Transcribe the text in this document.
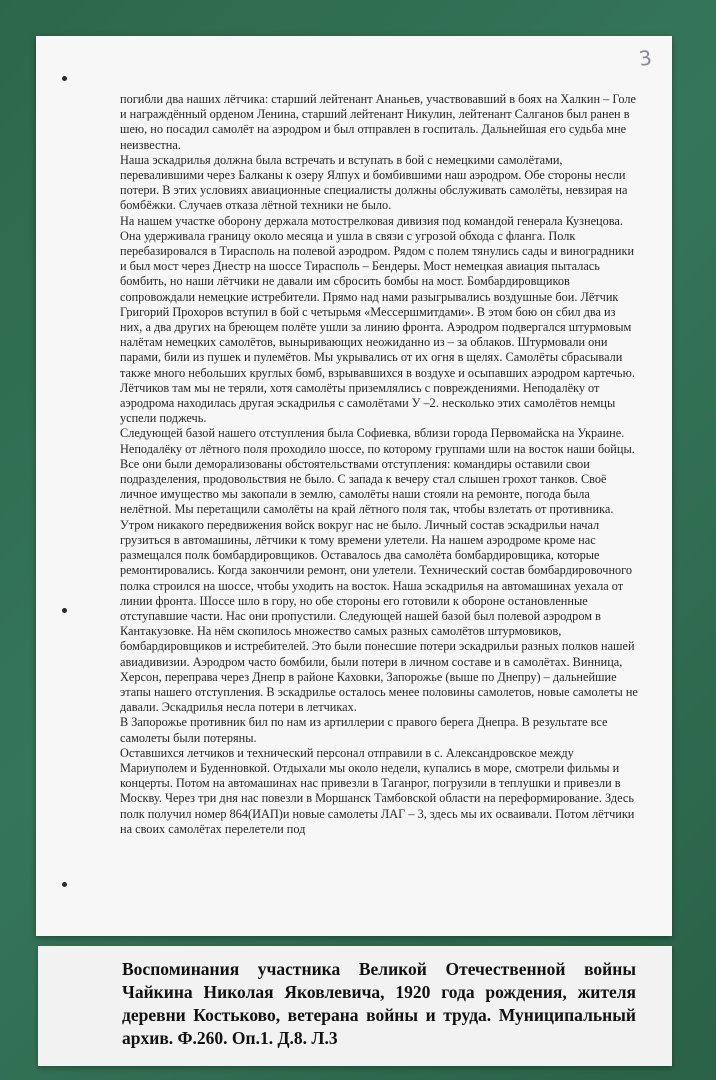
3

погибли два наших лётчика: старший лейтенант Ананьев, участвовавший в боях на Халкин – Голе и награждённый орденом Ленина, старший лейтенант Никулин, лейтенант Салганов был ранен в шею, но посадил самолёт на аэродром и был отправлен в госпиталь. Дальнейшая его судьба мне неизвестна.

Наша эскадрилья должна была встречать и вступать в бой с немецкими самолётами, перевалившими через Балканы к озеру Ялпух и бомбившими наш аэродром. Обе стороны несли потери. В этих условиях авиационные специалисты должны обслуживать самолёты, невзирая на бомбёжки. Случаев отказа лётной техники не было.

На нашем участке оборону держала мотострелковая дивизия под командой генерала Кузнецова. Она удерживала границу около месяца и ушла в связи с угрозой обхода с фланга. Полк перебазировался в Тирасполь на полевой аэродром. Рядом с полем тянулись сады и виноградники и был мост через Днестр на шоссе Тирасполь – Бендеры. Мост немецкая авиация пыталась бомбить, но наши лётчики не давали им сбросить бомбы на мост. Бомбардировщиков сопровождали немецкие истребители. Прямо над нами разыгрывались воздушные бои. Лётчик Григорий Прохоров вступил в бой с четырьмя «Мессершмитдами». В этом бою он сбил два из них, а два других на бреющем полёте ушли за линию фронта. Аэродром подвергался штурмовым налётам немецких самолётов, выныривающих неожиданно из – за облаков. Штурмовали они парами, били из пушек и пулемётов. Мы укрывались от их огня в щелях. Самолёты сбрасывали также много небольших круглых бомб, взрывавшихся в воздухе и осыпавших аэродром картечью. Лётчиков там мы не теряли, хотя самолёты приземлялись с повреждениями. Неподалёку от аэродрома находилась другая эскадрилья с самолётами У –2. несколько этих самолётов немцы успели поджечь.

Следующей базой нашего отступления была Софиевка, вблизи города Первомайска на Украине. Неподалёку от лётного поля проходило шоссе, по которому группами шли на восток наши бойцы. Все они были деморализованы обстоятельствами отступления: командиры оставили свои подразделения, продовольствия не было. С запада к вечеру стал слышен грохот танков. Своё личное имущество мы закопали в землю, самолёты наши стояли на ремонте, погода была нелётной. Мы перетащили самолёты на край лётного поля так, чтобы взлетать от противника.

Утром никакого передвижения войск вокруг нас не было. Личный состав эскадрильи начал грузиться в автомашины, лётчики к тому времени улетели. На нашем аэродроме кроме нас размещался полк бомбардировщиков. Оставалось два самолёта бомбардировщика, которые ремонтировались. Когда закончили ремонт, они улетели. Технический состав бомбардировочного полка строился на шоссе, чтобы уходить на восток. Наша эскадрилья на автомашинах уехала от линии фронта. Шоссе шло в гору, но обе стороны его готовили к обороне остановленные отступавшие части. Нас они пропустили. Следующей нашей базой был полевой аэродром в Кантакузовке. На нём скопилось множество самых разных самолётов штурмовиков, бомбардировщиков и истребителей. Это были понесшие потери эскадрильи разных полков нашей авиадивизии. Аэродром часто бомбили, были потери в личном составе и в самолётах. Винница, Херсон, переправа через Днепр в районе Каховки, Запорожье (выше по Днепру) – дальнейшие этапы нашего отступления. В эскадрилье осталось менее половины самолетов, новые самолеты не давали. Эскадрилья несла потери в летчиках.

В Запорожье противник бил по нам из артиллерии с правого берега Днепра. В результате все самолеты были потеряны.

Оставшихся летчиков и технический персонал отправили в с. Александровское между Мариуполем и Буденновкой. Отдыхали мы около недели, купались в море, смотрели фильмы и концерты. Потом на автомашинах нас привезли в Таганрог, погрузили в теплушки и привезли в Москву. Через три дня нас повезли в Моршанск Тамбовской области на переформирование. Здесь полк получил номер 864(ИАП)и новые самолеты ЛАГ – 3, здесь мы их осваивали. Потом лётчики на своих самолётах перелетели под

Воспоминания участника Великой Отечественной войны Чайкина Николая Яковлевича, 1920 года рождения, жителя деревни Костьково, ветерана войны и труда. Муниципальный архив. Ф.260. Оп.1. Д.8. Л.3
